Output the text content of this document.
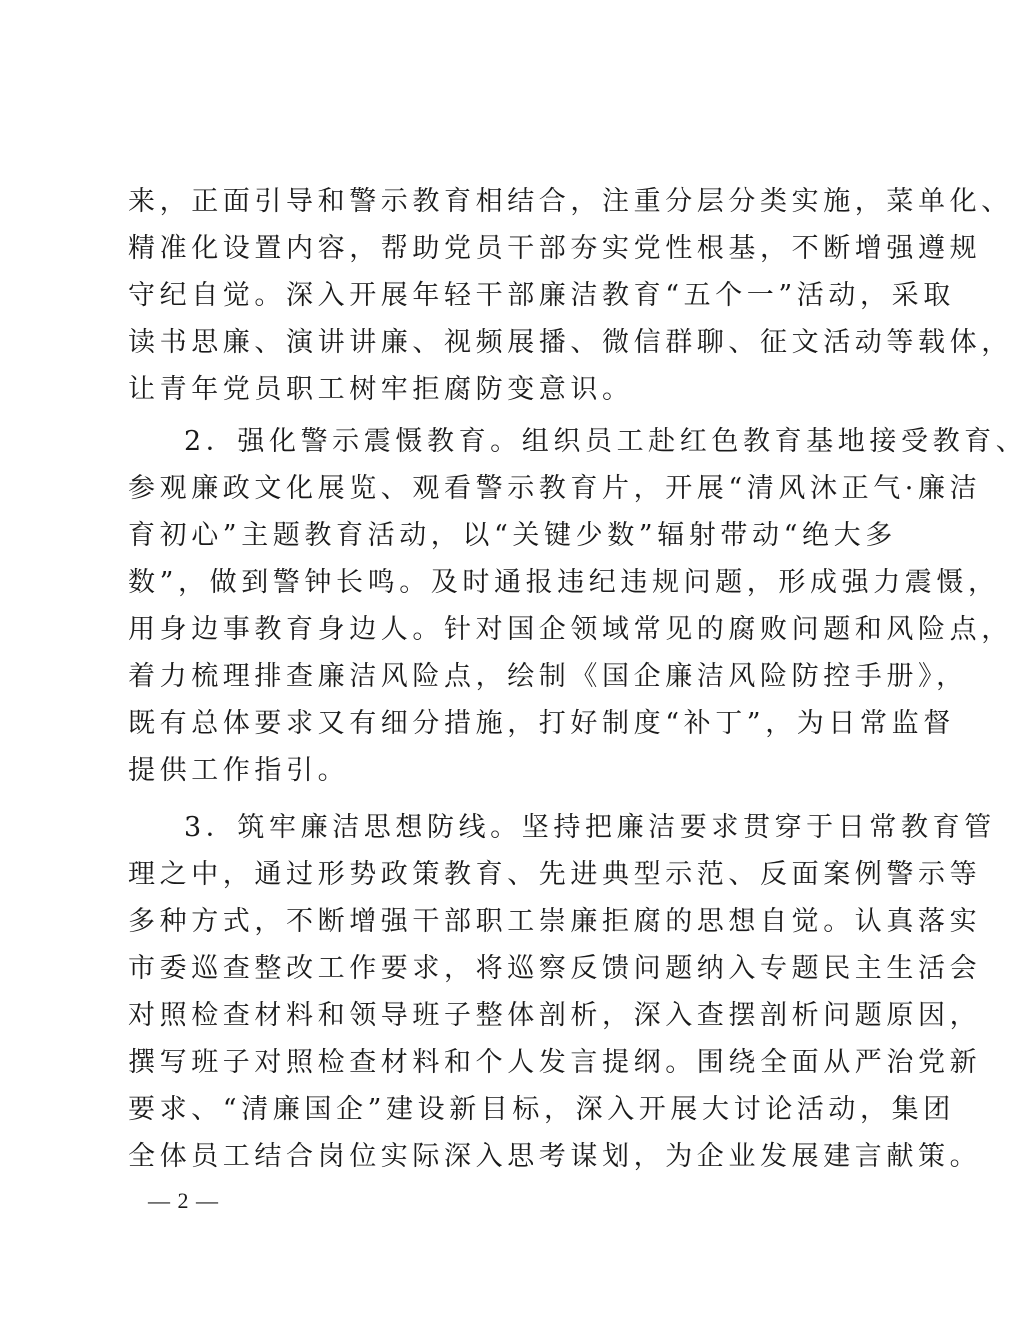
来，正面引导和警示教育相结合，注重分层分类实施，菜单化、
精准化设置内容，帮助党员干部夯实党性根基，不断增强遵规
守纪自觉。深入开展年轻干部廉洁教育“五个一”活动，采取
读书思廉、演讲讲廉、视频展播、微信群聊、征文活动等载体，
让青年党员职工树牢拒腐防变意识。
2．强化警示震慑教育。组织员工赴红色教育基地接受教育、
参观廉政文化展览、观看警示教育片，开展“清风沐正气·廉洁
育初心”主题教育活动，以“关键少数”辐射带动“绝大多
数”，做到警钟长鸣。及时通报违纪违规问题，形成强力震慑，
用身边事教育身边人。针对国企领域常见的腐败问题和风险点，
着力梳理排查廉洁风险点，绘制《国企廉洁风险防控手册》，
既有总体要求又有细分措施，打好制度“补丁”，为日常监督
提供工作指引。
3．筑牢廉洁思想防线。坚持把廉洁要求贯穿于日常教育管
理之中，通过形势政策教育、先进典型示范、反面案例警示等
多种方式，不断增强干部职工崇廉拒腐的思想自觉。认真落实
市委巡查整改工作要求，将巡察反馈问题纳入专题民主生活会
对照检查材料和领导班子整体剖析，深入查摆剖析问题原因，
撰写班子对照检查材料和个人发言提纲。围绕全面从严治党新
要求、“清廉国企”建设新目标，深入开展大讨论活动，集团
全体员工结合岗位实际深入思考谋划，为企业发展建言献策。
— 2 —
